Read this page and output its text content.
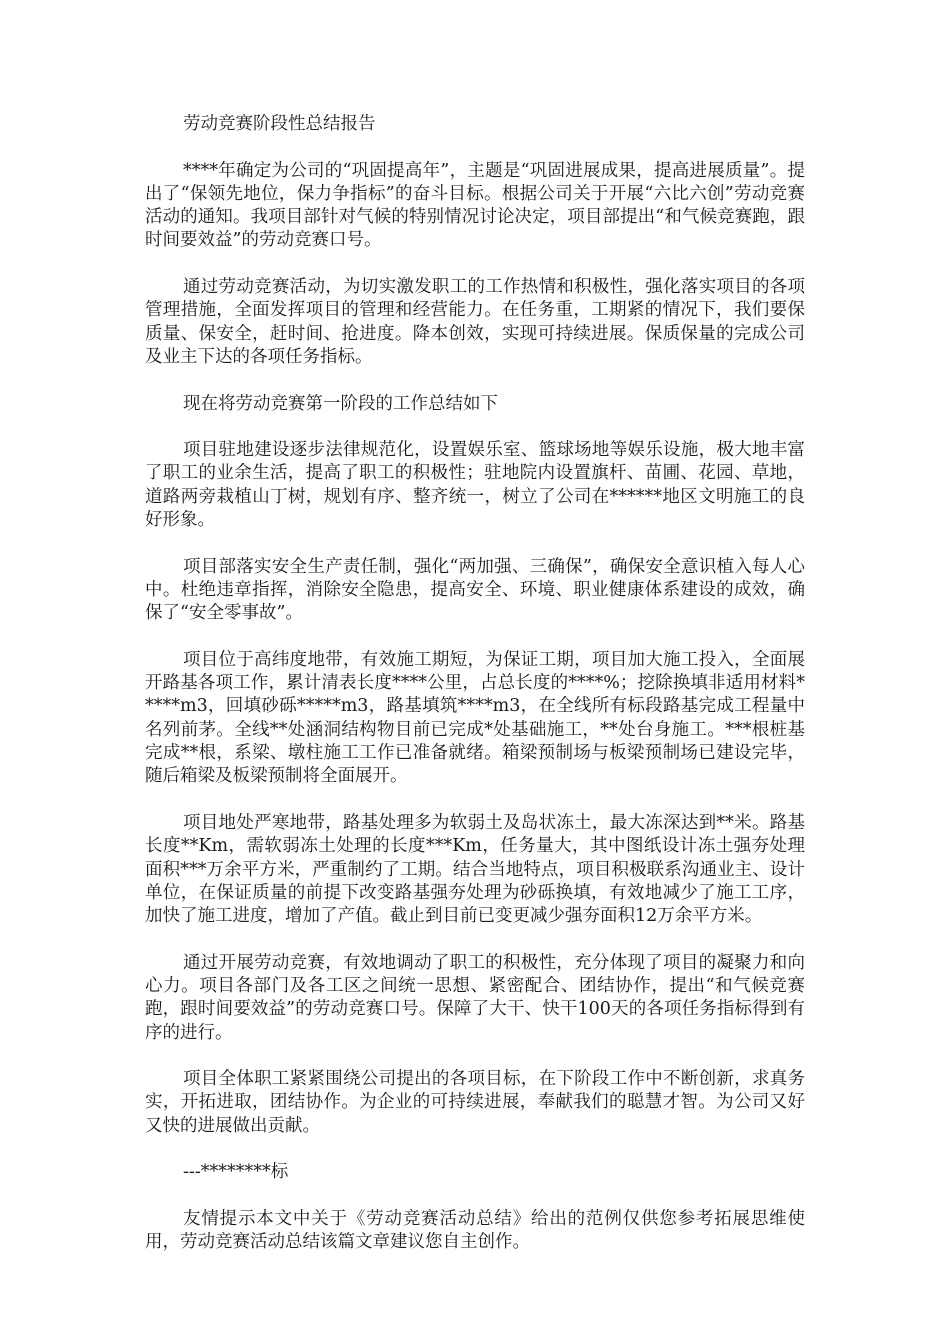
劳动竞赛阶段性总结报告

****年确定为公司的“巩固提高年”，主题是“巩固进展成果，提高进展质量”。提出了“保领先地位，保力争指标”的奋斗目标。根据公司关于开展“六比六创”劳动竞赛活动的通知。我项目部针对气候的特别情况讨论决定，项目部提出“和气候竞赛跑，跟时间要效益”的劳动竞赛口号。

通过劳动竞赛活动，为切实激发职工的工作热情和积极性，强化落实项目的各项管理措施，全面发挥项目的管理和经营能力。在任务重，工期紧的情况下，我们要保质量、保安全，赶时间、抢进度。降本创效，实现可持续进展。保质保量的完成公司及业主下达的各项任务指标。

现在将劳动竞赛第一阶段的工作总结如下

项目驻地建设逐步法律规范化，设置娱乐室、篮球场地等娱乐设施，极大地丰富了职工的业余生活，提高了职工的积极性；驻地院内设置旗杆、苗圃、花园、草地，道路两旁栽植山丁树，规划有序、整齐统一，树立了公司在******地区文明施工的良好形象。

项目部落实安全生产责任制，强化“两加强、三确保”，确保安全意识植入每人心中。杜绝违章指挥，消除安全隐患，提高安全、环境、职业健康体系建设的成效，确保了“安全零事故”。

项目位于高纬度地带，有效施工期短，为保证工期，项目加大施工投入，全面展开路基各项工作，累计清表长度****公里，占总长度的****%；挖除换填非适用材料*****m3，回填砂砾*****m3，路基填筑****m3，在全线所有标段路基完成工程量中名列前茅。全线**处涵洞结构物目前已完成*处基础施工，**处台身施工。***根桩基完成**根，系梁、墩柱施工工作已准备就绪。箱梁预制场与板梁预制场已建设完毕，随后箱梁及板梁预制将全面展开。

项目地处严寒地带，路基处理多为软弱土及岛状冻土，最大冻深达到**米。路基长度**Km，需软弱冻土处理的长度***Km，任务量大，其中图纸设计冻土强夯处理面积***万余平方米，严重制约了工期。结合当地特点，项目积极联系沟通业主、设计单位，在保证质量的前提下改变路基强夯处理为砂砾换填，有效地减少了施工工序，加快了施工进度，增加了产值。截止到目前已变更减少强夯面积12万余平方米。

通过开展劳动竞赛，有效地调动了职工的积极性，充分体现了项目的凝聚力和向心力。项目各部门及各工区之间统一思想、紧密配合、团结协作，提出“和气候竞赛跑，跟时间要效益”的劳动竞赛口号。保障了大干、快干100天的各项任务指标得到有序的进行。

项目全体职工紧紧围绕公司提出的各项目标，在下阶段工作中不断创新，求真务实，开拓进取，团结协作。为企业的可持续进展，奉献我们的聪慧才智。为公司又好又快的进展做出贡献。

---********标

友情提示本文中关于《劳动竞赛活动总结》给出的范例仅供您参考拓展思维使用，劳动竞赛活动总结该篇文章建议您自主创作。
